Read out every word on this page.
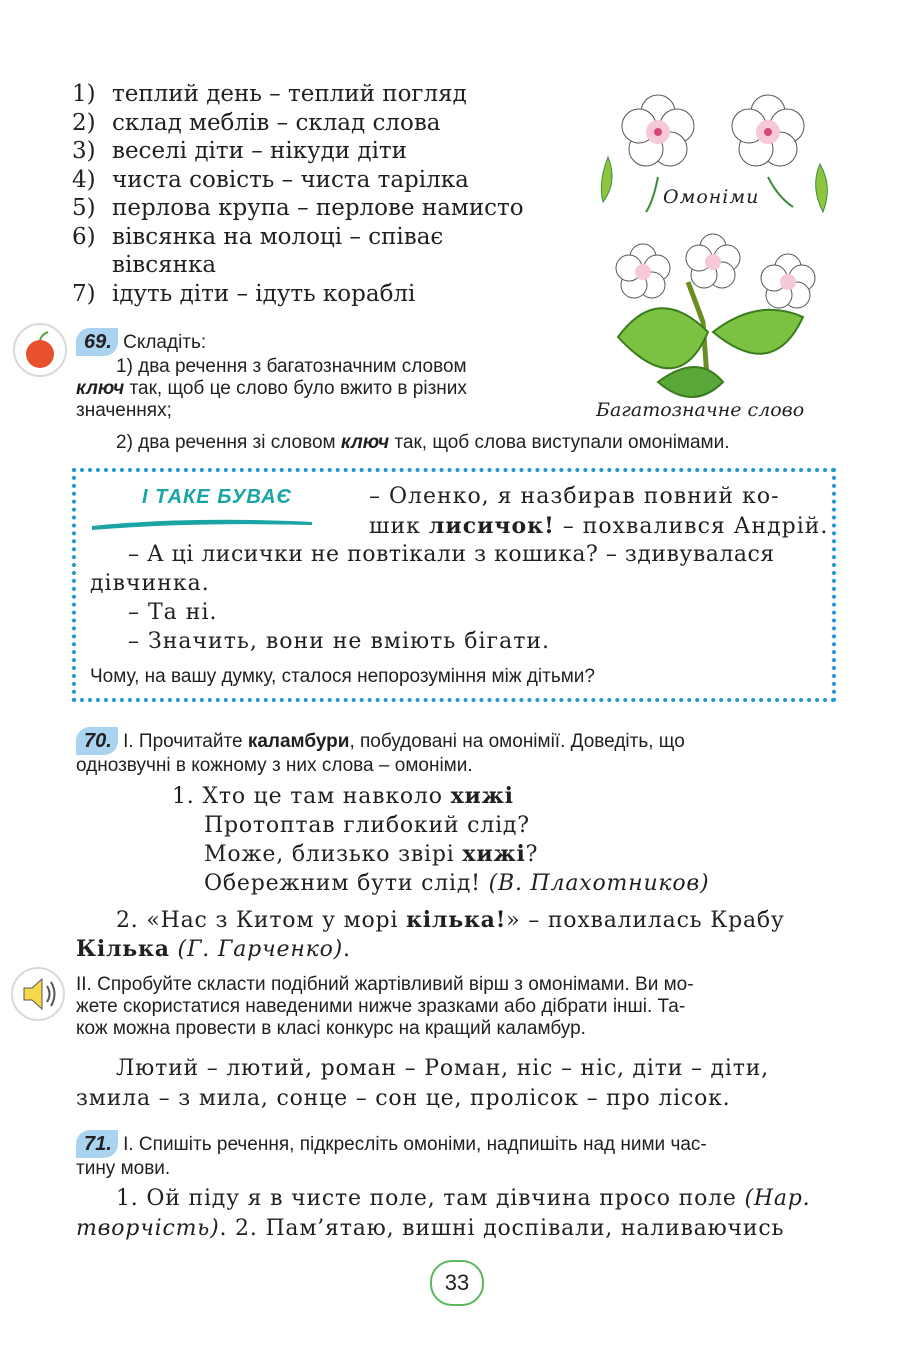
1) теплий день – теплий погляд
2) склад меблів – склад слова
3) веселі діти – нікуди діти
4) чиста совість – чиста тарілка
5) перлова крупа – перлове намисто
6) вівсянка на молоці – співає
вівсянка
7) ідуть діти – ідуть кораблі
Омоніми
Багатозначне слово
69. Складіть:
1) два речення з багатозначним словом
ключ так, щоб це слово було вжито в різних
значеннях;
2) два речення зі словом ключ так, щоб слова виступали омонімами.
І ТАКЕ БУВАЄ	– Оленко, я назбирав повний ко-
шик лисичок! – похвалився Андрій.
– А ці лисички не повтікали з кошика? – здивувалася
дівчинка.
– Та ні.
– Значить, вони не вміють бігати.
Чому, на вашу думку, сталося непорозуміння між дітьми?
70. І. Прочитайте каламбури, побудовані на омонімії. Доведіть, що
однозвучні в кожному з них слова – омоніми.
1. Хто це там навколо хижі
Протоптав глибокий слід?
Може, близько звірі хижі?
Обережним бути слід! (В. Плахотников)
2. «Нас з Китом у морі кілька!» – похвалилась Крабу
Кілька (Г. Гарченко).
ІІ. Спробуйте скласти подібний жартівливий вірш з омонімами. Ви мо-
жете скористатися наведеними нижче зразками або дібрати інші. Та-
кож можна провести в класі конкурс на кращий каламбур.
Лютий – лютий, роман – Роман, ніс – ніс, діти – діти,
змила – з мила, сонце – сон це, пролісок – про лісок.
71. І. Спишіть речення, підкресліть омоніми, надпишіть над ними час-
тину мови.
1. Ой піду я в чисте поле, там дівчина просо поле (Нар.
творчість). 2. Пам’ятаю, вишні доспівали, наливаючись
33
